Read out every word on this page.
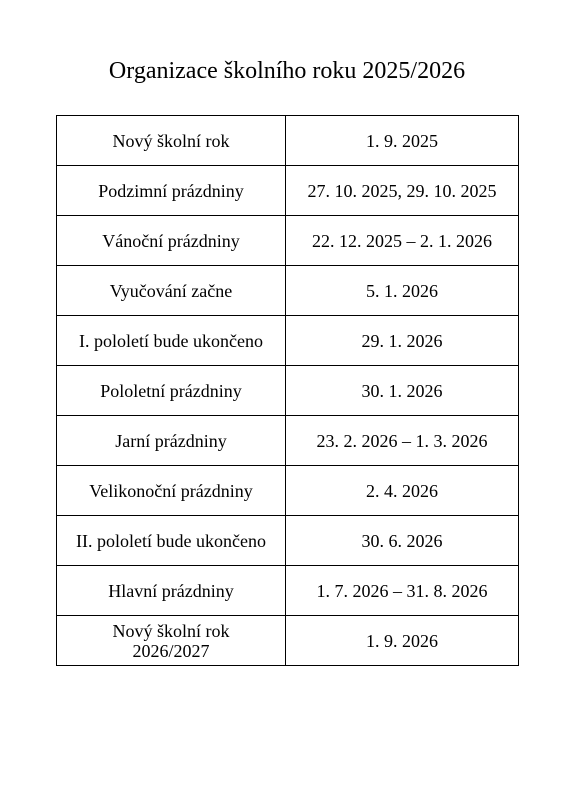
Organizace školního roku 2025/2026
Nový školní rok	1. 9. 2025

Podzimní prázdniny	27. 10. 2025, 29. 10. 2025

Vánoční prázdniny	22. 12. 2025 – 2. 1. 2026

Vyučování začne	5. 1. 2026

I. pololetí bude ukončeno	29. 1. 2026

Pololetní prázdniny	30. 1. 2026

Jarní prázdniny	23. 2. 2026 – 1. 3. 2026

Velikonoční prázdniny	2. 4. 2026

II. pololetí bude ukončeno	30. 6. 2026

Hlavní prázdniny	1. 7. 2026 – 31. 8. 2026

Nový školní rok
2026/2027	1. 9. 2026
